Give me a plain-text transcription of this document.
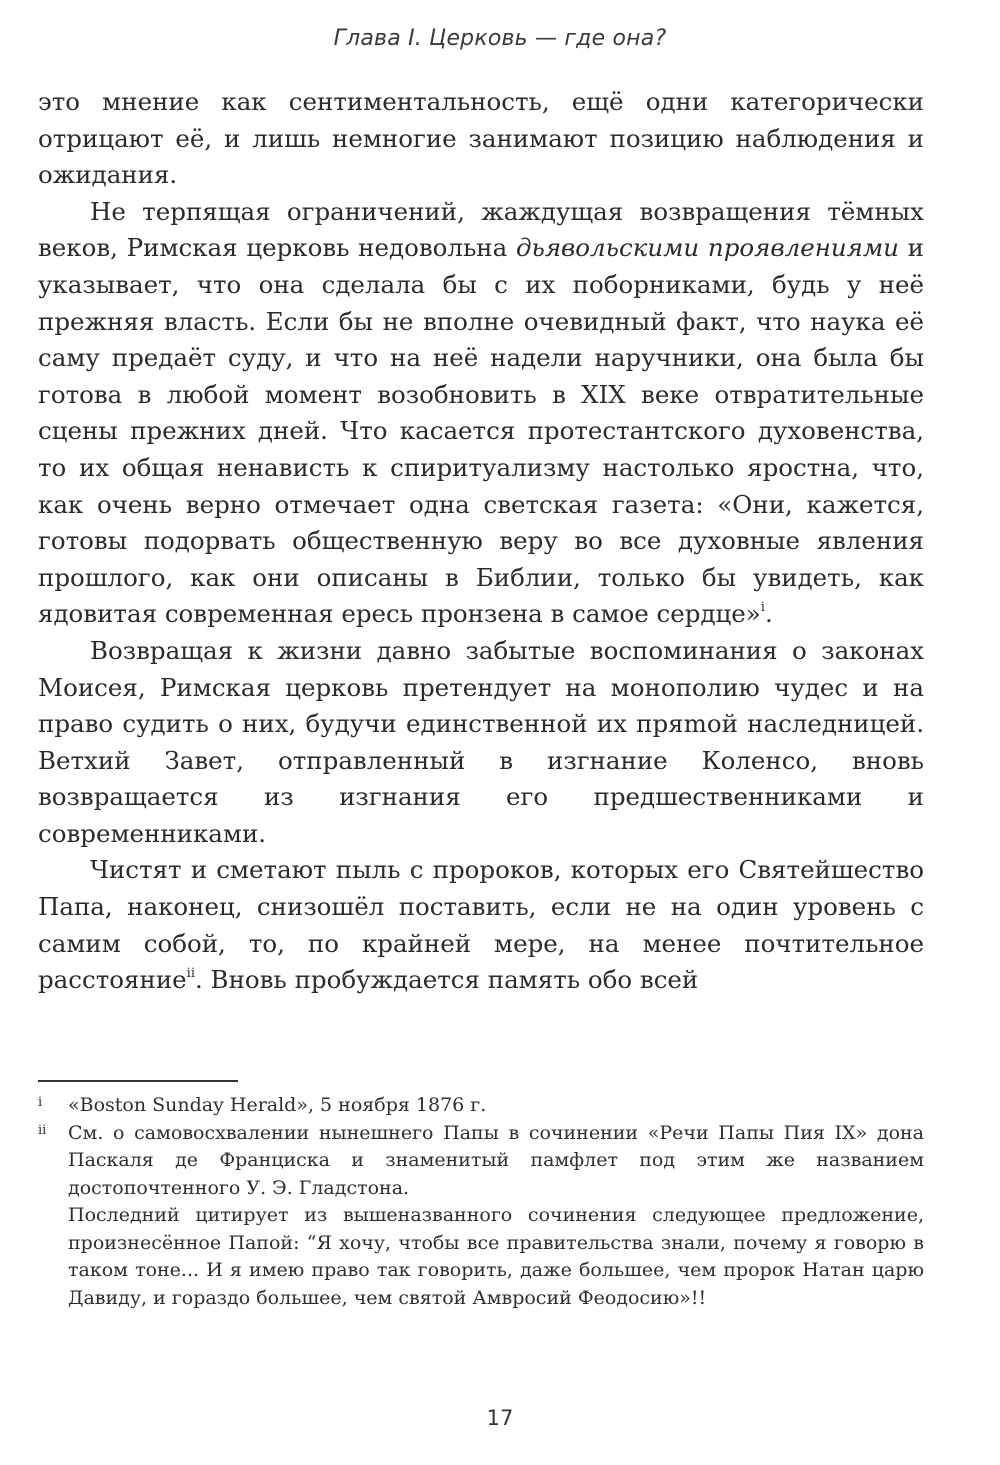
Глава I. Церковь — где она?

это мнение как сентиментальность, ещё одни категорически отрицают её, и лишь немногие занимают позицию наблюдения и ожидания.

Не терпящая ограничений, жаждущая возвращения тёмных веков, Римская церковь недовольна дьявольскими проявлениями и указывает, что она сделала бы с их поборниками, будь у неё прежняя власть. Если бы не вполне очевидный факт, что наука её саму предаёт суду, и что на неё надели наручники, она была бы готова в любой момент возобновить в XIX веке отвратительные сцены прежних дней. Что касается протестантского духовенства, то их общая ненависть к спиритуализму настолько яростна, что, как очень верно отмечает одна светская газета: «Они, кажется, готовы подорвать общественную веру во все духовные явления прошлого, как они описаны в Библии, только бы увидеть, как ядовитая современная ересь пронзена в самое сердце»$^i$.

Возвращая к жизни давно забытые воспоминания о законах Моисея, Римская церковь претендует на монополию чудес и на право судить о них, будучи единственной их пряmой наследницей. Ветхий Завет, отправленный в изгнание Коленсо, вновь возвращается из изгнания его предшественниками и современниками.

Чистят и сметают пыль с пророков, которых его Святейшество Папа, наконец, снизошёл поставить, если не на один уровень с самим собой, то, по крайней мере, на менее почтительное расстояние$^{ii}$. Вновь пробуждается память обо всей

i	«Boston Sunday Herald», 5 ноября 1876 г.

ii	См. о самовосхвалении нынешнего Папы в сочинении «Речи Папы Пия IX» дона Паскаля де Франциска и знаменитый памфлет под этим же названием достопочтенного У. Э. Гладстона.

Последний цитирует из вышеназванного сочинения следующее предложение, произнесённое Папой: “Я хочу, чтобы все правительства знали, почему я говорю в таком тоне... И я имею право так говорить, даже большее, чем пророк Натан царю Давиду, и гораздо большее, чем святой Амвросий Феодосию»!!

17
